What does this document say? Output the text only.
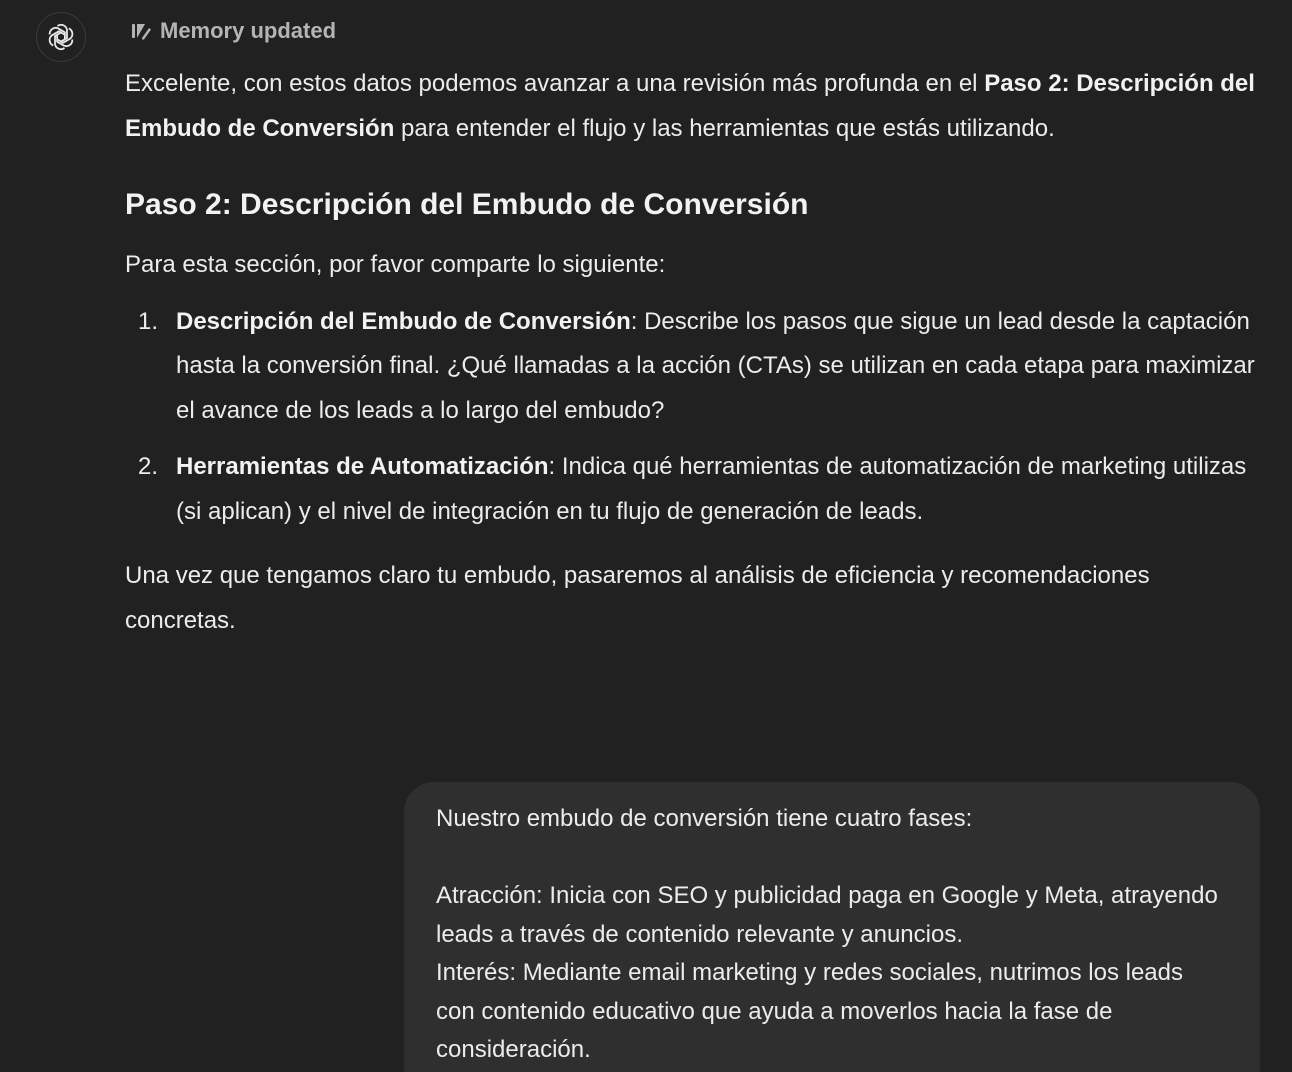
Memory updated

Excelente, con estos datos podemos avanzar a una revisión más profunda en el Paso 2: Descripción del Embudo de Conversión para entender el flujo y las herramientas que estás utilizando.

Paso 2: Descripción del Embudo de Conversión

Para esta sección, por favor comparte lo siguiente:

1. Descripción del Embudo de Conversión: Describe los pasos que sigue un lead desde la captación hasta la conversión final. ¿Qué llamadas a la acción (CTAs) se utilizan en cada etapa para maximizar el avance de los leads a lo largo del embudo?
2. Herramientas de Automatización: Indica qué herramientas de automatización de marketing utilizas (si aplican) y el nivel de integración en tu flujo de generación de leads.

Una vez que tengamos claro tu embudo, pasaremos al análisis de eficiencia y recomendaciones concretas.

Nuestro embudo de conversión tiene cuatro fases:

Atracción: Inicia con SEO y publicidad paga en Google y Meta, atrayendo leads a través de contenido relevante y anuncios.

Interés: Mediante email marketing y redes sociales, nutrimos los leads con contenido educativo que ayuda a moverlos hacia la fase de consideración.
